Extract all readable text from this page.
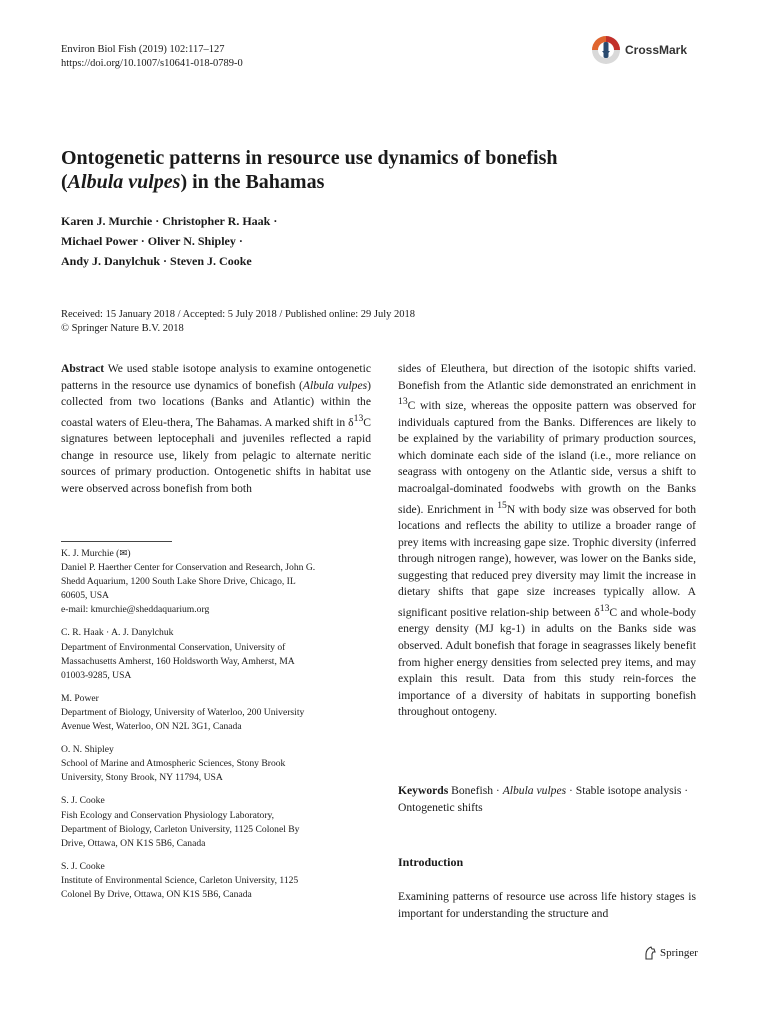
Environ Biol Fish (2019) 102:117–127
https://doi.org/10.1007/s10641-018-0789-0
CrossMark
Ontogenetic patterns in resource use dynamics of bonefish
(Albula vulpes) in the Bahamas
Karen J. Murchie · Christopher R. Haak ·
Michael Power · Oliver N. Shipley ·
Andy J. Danylchuk · Steven J. Cooke
Received: 15 January 2018 / Accepted: 5 July 2018 / Published online: 29 July 2018
© Springer Nature B.V. 2018

Abstract We used stable isotope analysis to examine ontogenetic patterns in the resource use dynamics of bonefish (Albula vulpes) collected from two locations (Banks and Atlantic) within the coastal waters of Eleu-thera, The Bahamas. A marked shift in $\delta^{13}C$ signatures between leptocephali and juveniles reflected a rapid change in resource use, likely from pelagic to alternate neritic sources of primary production. Ontogenetic shifts in habitat use were observed across bonefish from both

K. J. Murchie (✉)
Daniel P. Haerther Center for Conservation and Research, John G.
Shedd Aquarium, 1200 South Lake Shore Drive, Chicago, IL
60605, USA
e-mail: kmurchie@sheddaquarium.org
C. R. Haak · A. J. Danylchuk
Department of Environmental Conservation, University of
Massachusetts Amherst, 160 Holdsworth Way, Amherst, MA
01003-9285, USA
M. Power
Department of Biology, University of Waterloo, 200 University
Avenue West, Waterloo, ON N2L 3G1, Canada
O. N. Shipley
School of Marine and Atmospheric Sciences, Stony Brook
University, Stony Brook, NY 11794, USA
S. J. Cooke
Fish Ecology and Conservation Physiology Laboratory,
Department of Biology, Carleton University, 1125 Colonel By
Drive, Ottawa, ON K1S 5B6, Canada
S. J. Cooke
Institute of Environmental Science, Carleton University, 1125
Colonel By Drive, Ottawa, ON K1S 5B6, Canada

sides of Eleuthera, but direction of the isotopic shifts varied. Bonefish from the Atlantic side demonstrated an enrichment in $^{13}$C with size, whereas the opposite pattern was observed for individuals captured from the Banks. Differences are likely to be explained by the variability of primary production sources, which dominate each side of the island (i.e., more reliance on seagrass with ontogeny on the Atlantic side, versus a shift to macroalgal-dominated foodwebs with growth on the Banks side). Enrichment in $^{15}$N with body size was observed for both locations and reflects the ability to utilize a broader range of prey items with increasing gape size. Trophic diversity (inferred through nitrogen range), however, was lower on the Banks side, suggesting that reduced prey diversity may limit the increase in dietary shifts that gape size increases typically allow. A significant positive relation-ship between $\delta^{13}C$ and whole-body energy density (MJ kg-1) in adults on the Banks side was observed. Adult bonefish that forage in seagrasses likely benefit from higher energy densities from selected prey items, and may explain this result. Data from this study rein-forces the importance of a diversity of habitats in supporting bonefish throughout ontogeny.

Keywords Bonefish · Albula vulpes · Stable isotope analysis · Ontogenetic shifts
Introduction

Examining patterns of resource use across life history stages is important for understanding the structure and

Springer
